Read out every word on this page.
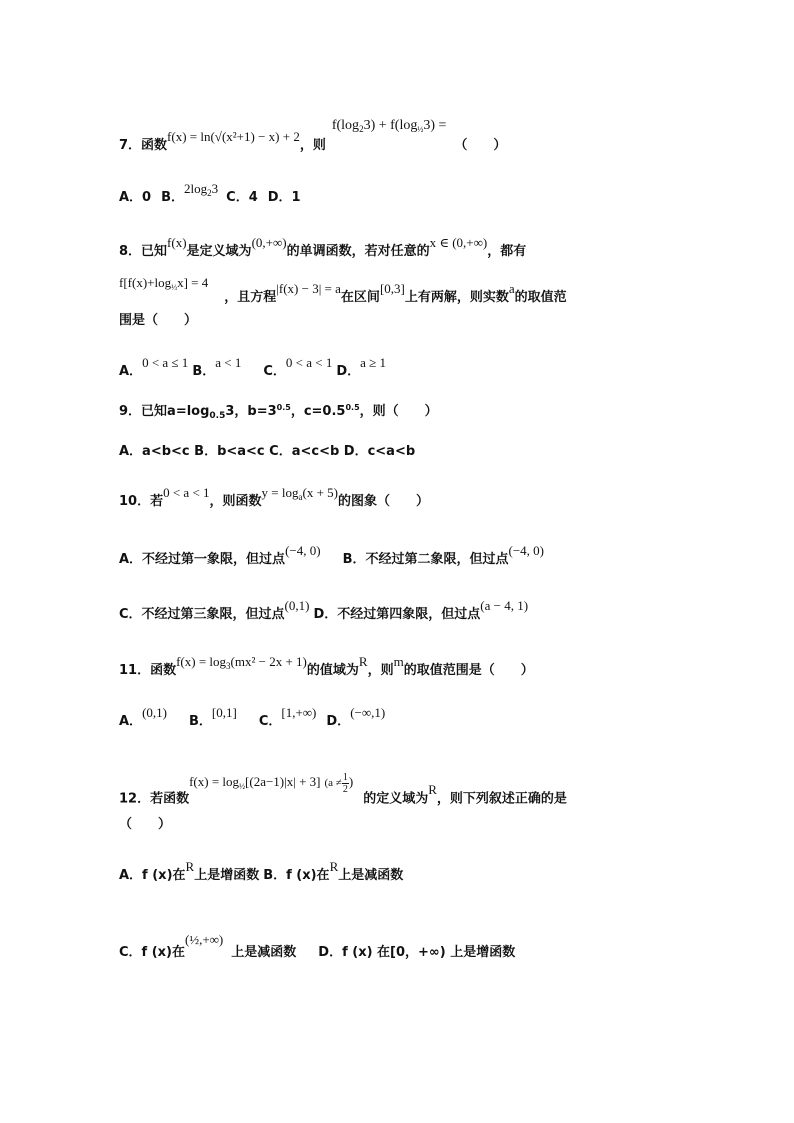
7．函数f(x) = ln(√(x²+1) − x) + 2，则$f(\log_23) + f(\log_{\frac{1}{2}}3)$ =（　　）
A．0 B．$2\log_23C$．4 D．1
8．已知f(x)是定义域为(0,+∞)的单调函数，若对任意的x ∈ (0,+∞)，都有
$f[f(x)+\log_{\frac{1}{3}}x] = 4$，且方程|f(x) − 3| = a在区间[0,3]上有两解，则实数a的取值范
围是（　　）
A．0 < a ≤ 1B．a < 1C．0 < a < 1D．a ≥ 1
9．已知$a=\log_{0.5}3$，$b=3^{0.5}$，$c=0.5^{0.5}$，则（　　）
A．a<b<c B．b<a<c C．a<c<b D．c<a<b
10．若0 < a < 1，则函数$y = \log_a(x + 5)$的图象（　　）
A．不经过第一象限，但过点(−4, 0)B．不经过第二象限，但过点(−4, 0)
C．不经过第三象限，但过点(0,1)D．不经过第四象限，但过点(a − 4, 1)
11．函数$f(x) = \log_3(mx^2 - 2x + 1)$的值域为R，则m的取值范围是（　　）
A．(0,1)B．[0,1]C．[1,+∞)D．(−∞,1)
12．若函数$f(x) = \log_{\frac{1}{2}}[(2a-1)|x| + 3] (a \ne \frac{1}{2}$ )的定义域为R，则下列叙述正确的是
（　　）
A．f (x)在R上是增函数 B．f (x)在R上是减函数
C．f (x)在(½,+∞)上是减函数 D．f (x) 在[0，+∞) 上是增函数
